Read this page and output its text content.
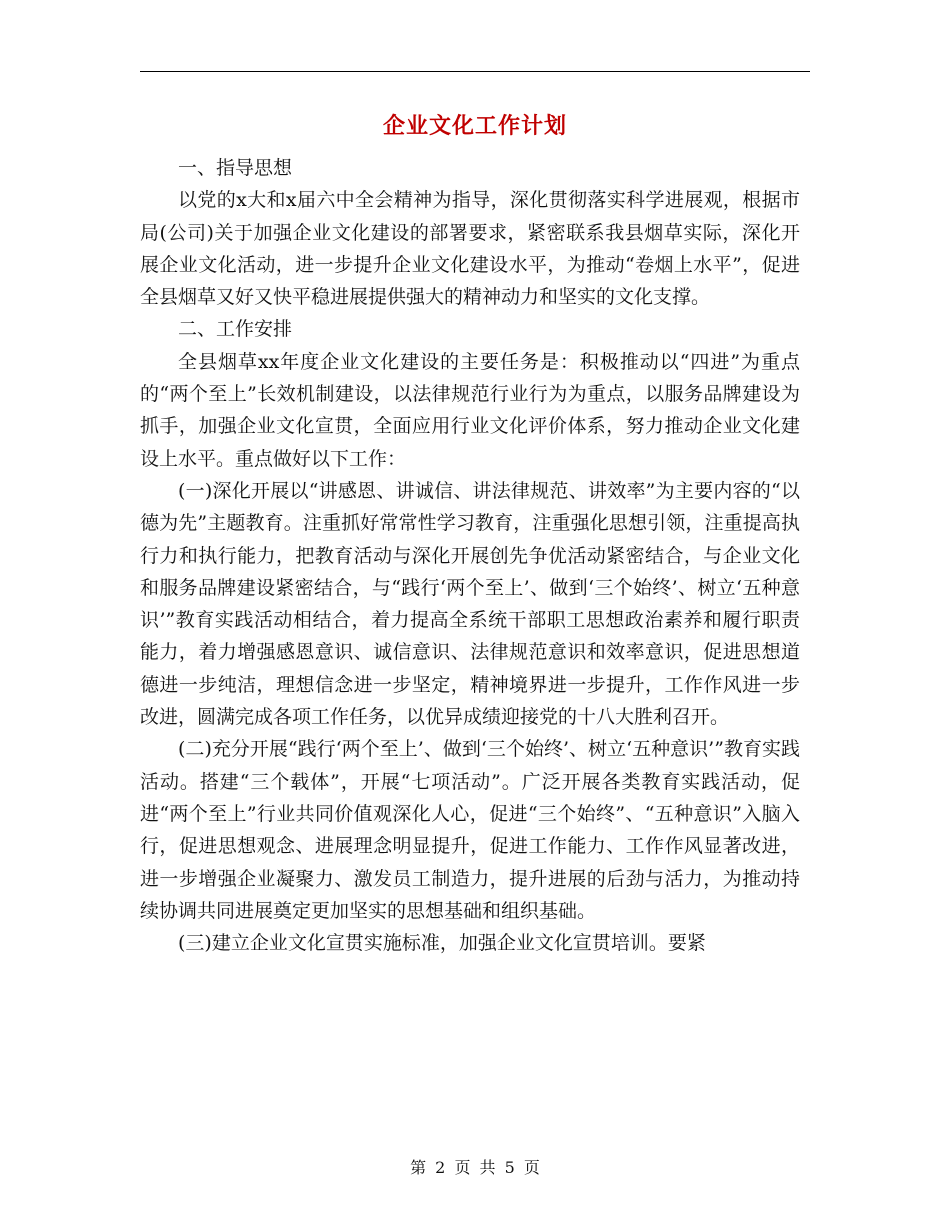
企业文化工作计划

一、指导思想

以党的x大和x届六中全会精神为指导，深化贯彻落实科学进展观，根据市局(公司)关于加强企业文化建设的部署要求，紧密联系我县烟草实际，深化开展企业文化活动，进一步提升企业文化建设水平，为推动“卷烟上水平”，促进全县烟草又好又快平稳进展提供强大的精神动力和坚实的文化支撑。

二、工作安排

全县烟草xx年度企业文化建设的主要任务是：积极推动以“四进”为重点的“两个至上”长效机制建设，以法律规范行业行为为重点，以服务品牌建设为抓手，加强企业文化宣贯，全面应用行业文化评价体系，努力推动企业文化建设上水平。重点做好以下工作：

(一)深化开展以“讲感恩、讲诚信、讲法律规范、讲效率”为主要内容的“以德为先”主题教育。注重抓好常常性学习教育，注重强化思想引领，注重提高执行力和执行能力，把教育活动与深化开展创先争优活动紧密结合，与企业文化和服务品牌建设紧密结合，与“践行‘两个至上’、做到‘三个始终’、树立‘五种意识’”教育实践活动相结合，着力提高全系统干部职工思想政治素养和履行职责能力，着力增强感恩意识、诚信意识、法律规范意识和效率意识，促进思想道德进一步纯洁，理想信念进一步坚定，精神境界进一步提升，工作作风进一步改进，圆满完成各项工作任务，以优异成绩迎接党的十八大胜利召开。

(二)充分开展“践行‘两个至上’、做到‘三个始终’、树立‘五种意识’”教育实践活动。搭建“三个载体”，开展“七项活动”。广泛开展各类教育实践活动，促进“两个至上”行业共同价值观深化人心，促进“三个始终”、“五种意识”入脑入行，促进思想观念、进展理念明显提升，促进工作能力、工作作风显著改进，进一步增强企业凝聚力、激发员工制造力，提升进展的后劲与活力，为推动持续协调共同进展奠定更加坚实的思想基础和组织基础。

(三)建立企业文化宣贯实施标准，加强企业文化宣贯培训。要紧

第 2 页 共 5 页
